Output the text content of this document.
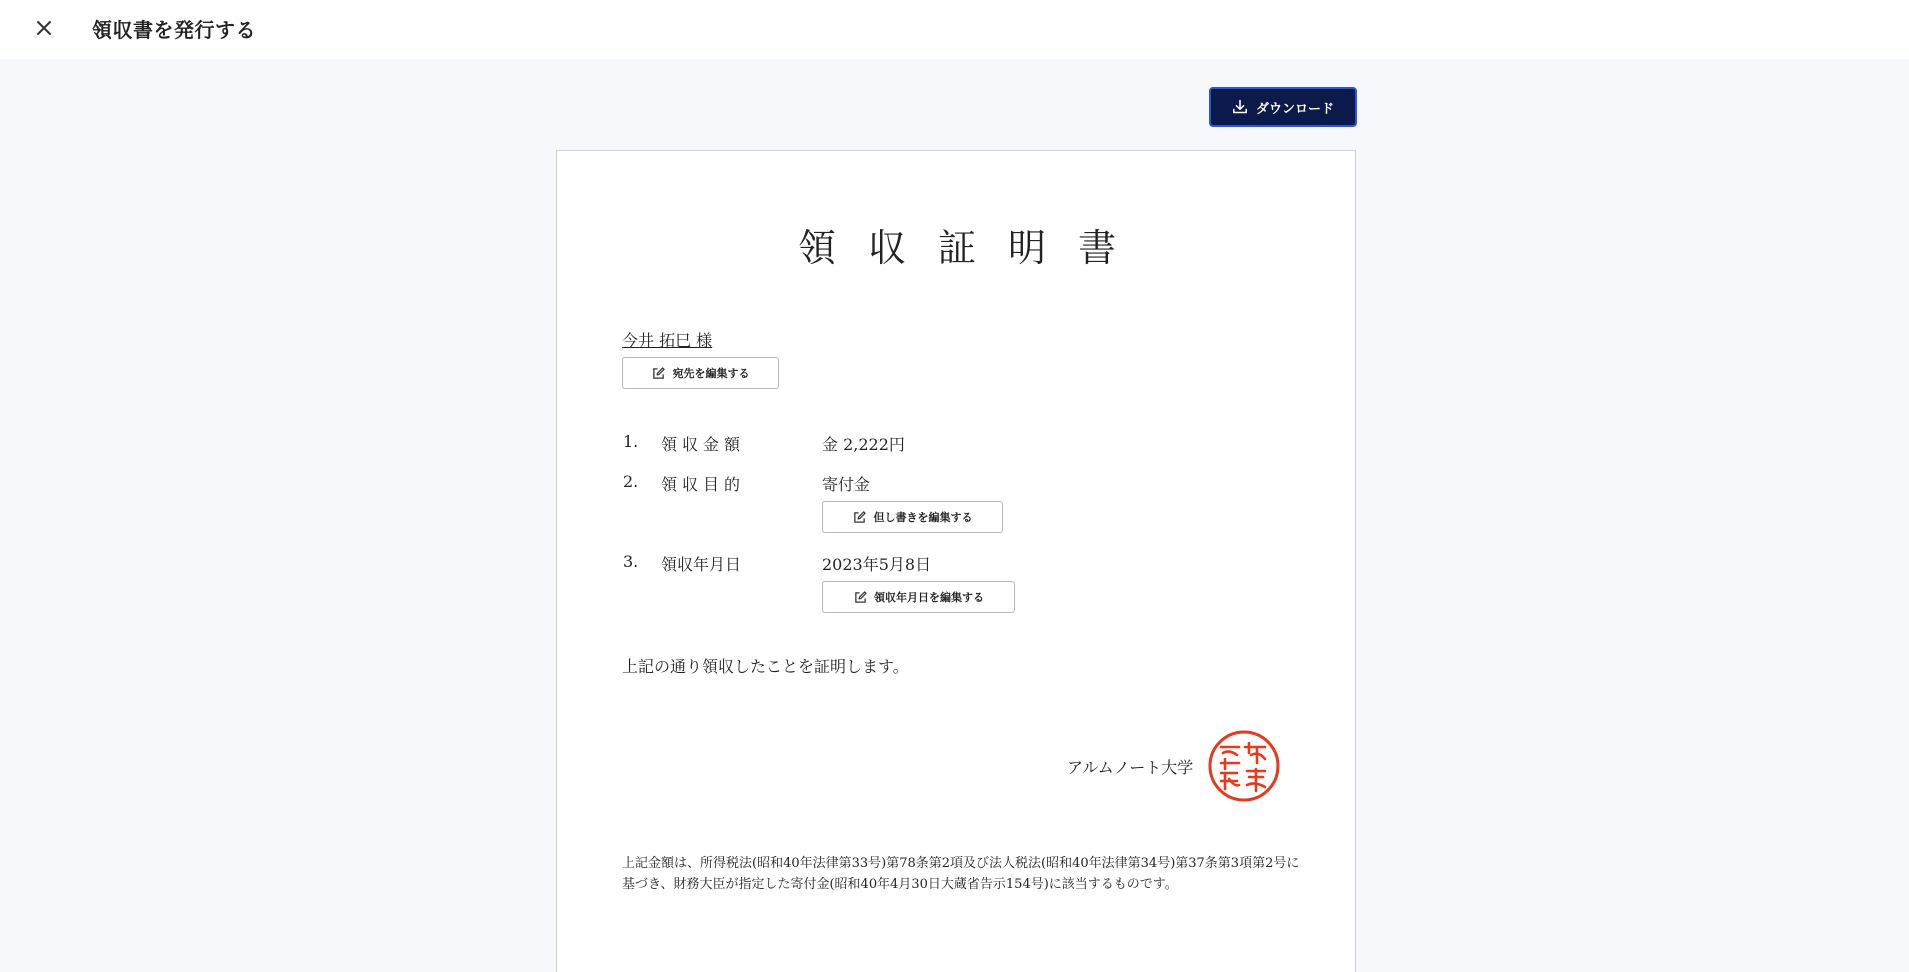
領収書を発行する
ダウンロード
領収証明書
今井 拓巳 様
宛先を編集する
1. 領収金額	金 2,222円
2. 領収目的	寄付金
但し書きを編集する
3. 領収年月日	2023年5月8日
領収年月日を編集する
上記の通り領収したことを証明します。
アルムノート大学
上記金額は、所得税法(昭和40年法律第33号)第78条第2項及び法人税法(昭和40年法律第34号)第37条第3項第2号に基づき、財務大臣が指定した寄付金(昭和40年4月30日大蔵省告示154号)に該当するものです。
